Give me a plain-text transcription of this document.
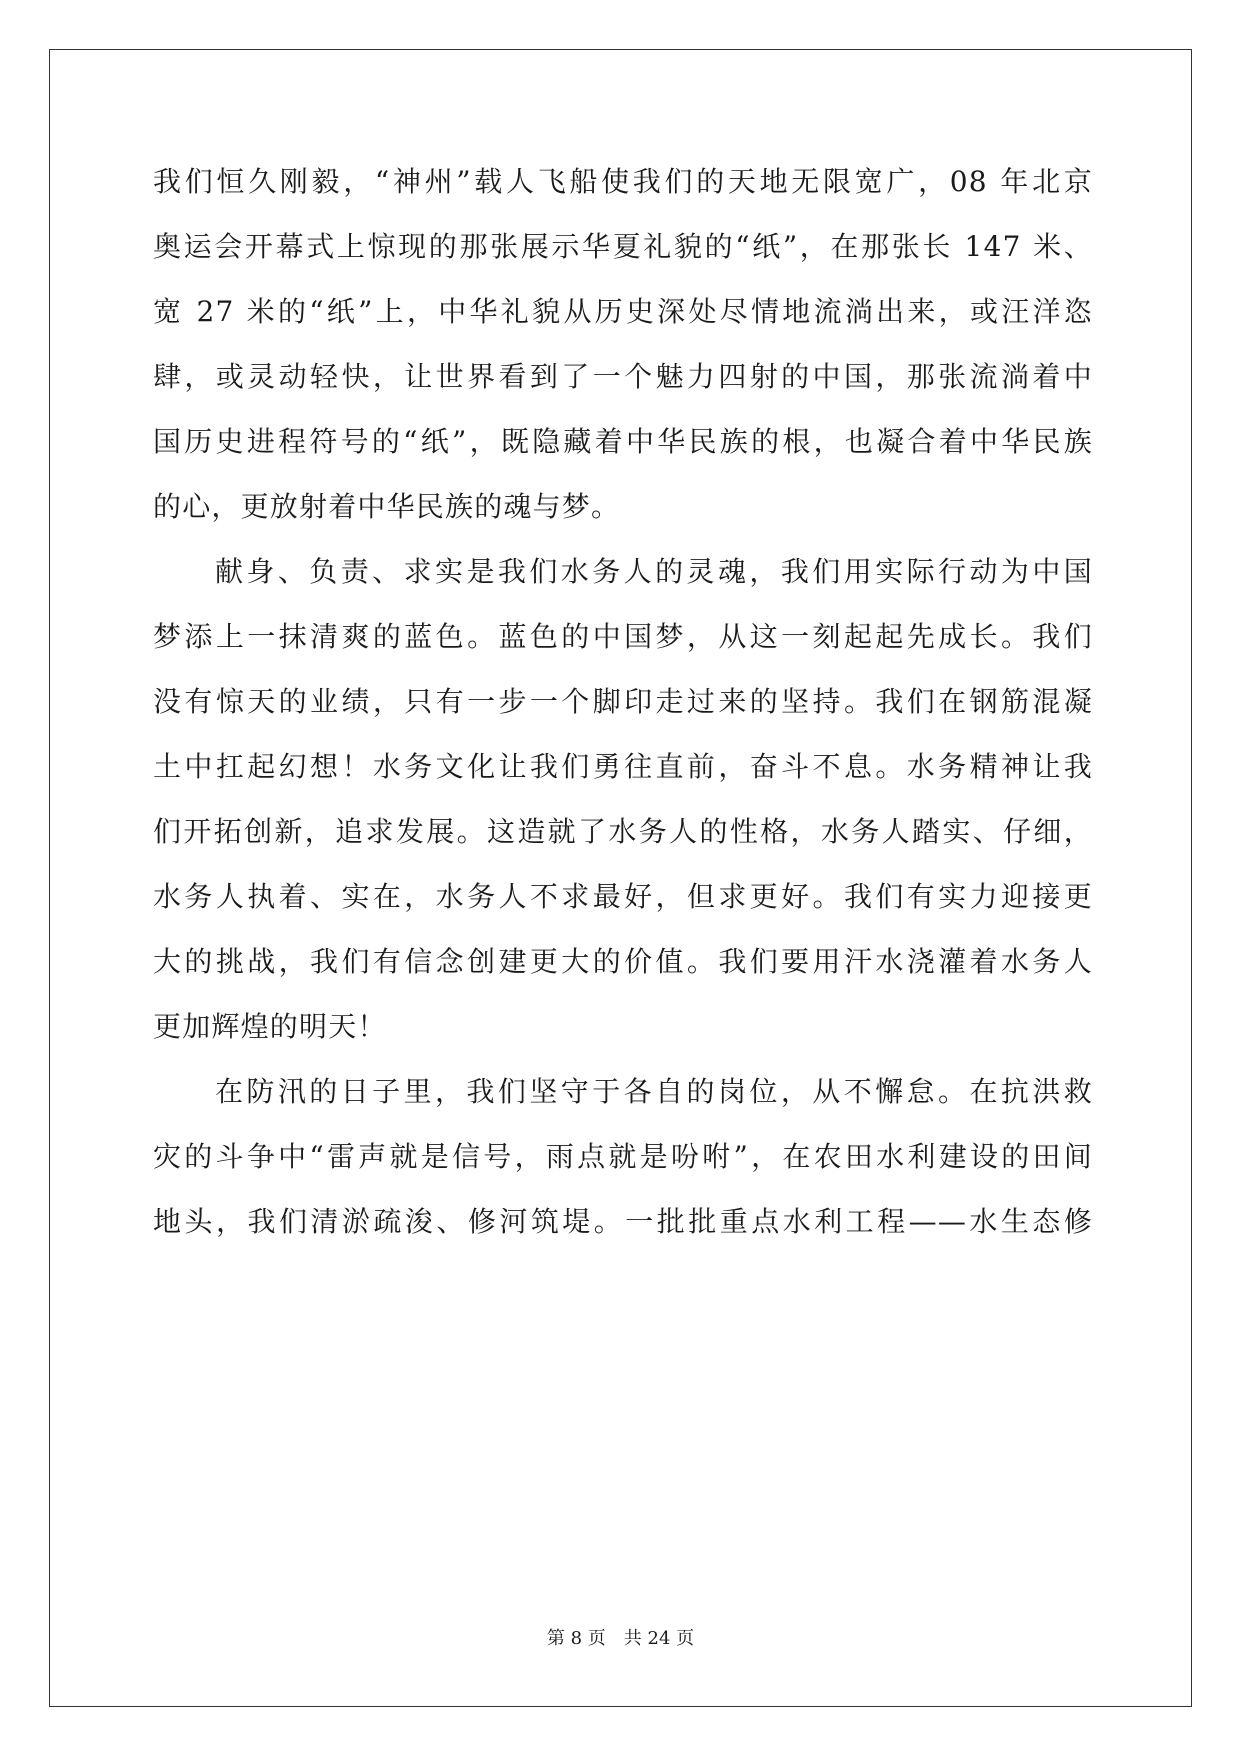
我们恒久刚毅，“神州”载人飞船使我们的天地无限宽广，08 年北京
奥运会开幕式上惊现的那张展示华夏礼貌的“纸”，在那张长 147 米、
宽 27 米的“纸”上，中华礼貌从历史深处尽情地流淌出来，或汪洋恣
肆，或灵动轻快，让世界看到了一个魅力四射的中国，那张流淌着中
国历史进程符号的“纸”，既隐藏着中华民族的根，也凝合着中华民族
的心，更放射着中华民族的魂与梦。
献身、负责、求实是我们水务人的灵魂，我们用实际行动为中国
梦添上一抹清爽的蓝色。蓝色的中国梦，从这一刻起起先成长。我们
没有惊天的业绩，只有一步一个脚印走过来的坚持。我们在钢筋混凝
土中扛起幻想！水务文化让我们勇往直前，奋斗不息。水务精神让我
们开拓创新，追求发展。这造就了水务人的性格，水务人踏实、仔细，
水务人执着、实在，水务人不求最好，但求更好。我们有实力迎接更
大的挑战，我们有信念创建更大的价值。我们要用汗水浇灌着水务人
更加辉煌的明天！
在防汛的日子里，我们坚守于各自的岗位，从不懈怠。在抗洪救
灾的斗争中“雷声就是信号，雨点就是吩咐”，在农田水利建设的田间
地头，我们清淤疏浚、修河筑堤。一批批重点水利工程——水生态修
第 8 页　共 24 页
